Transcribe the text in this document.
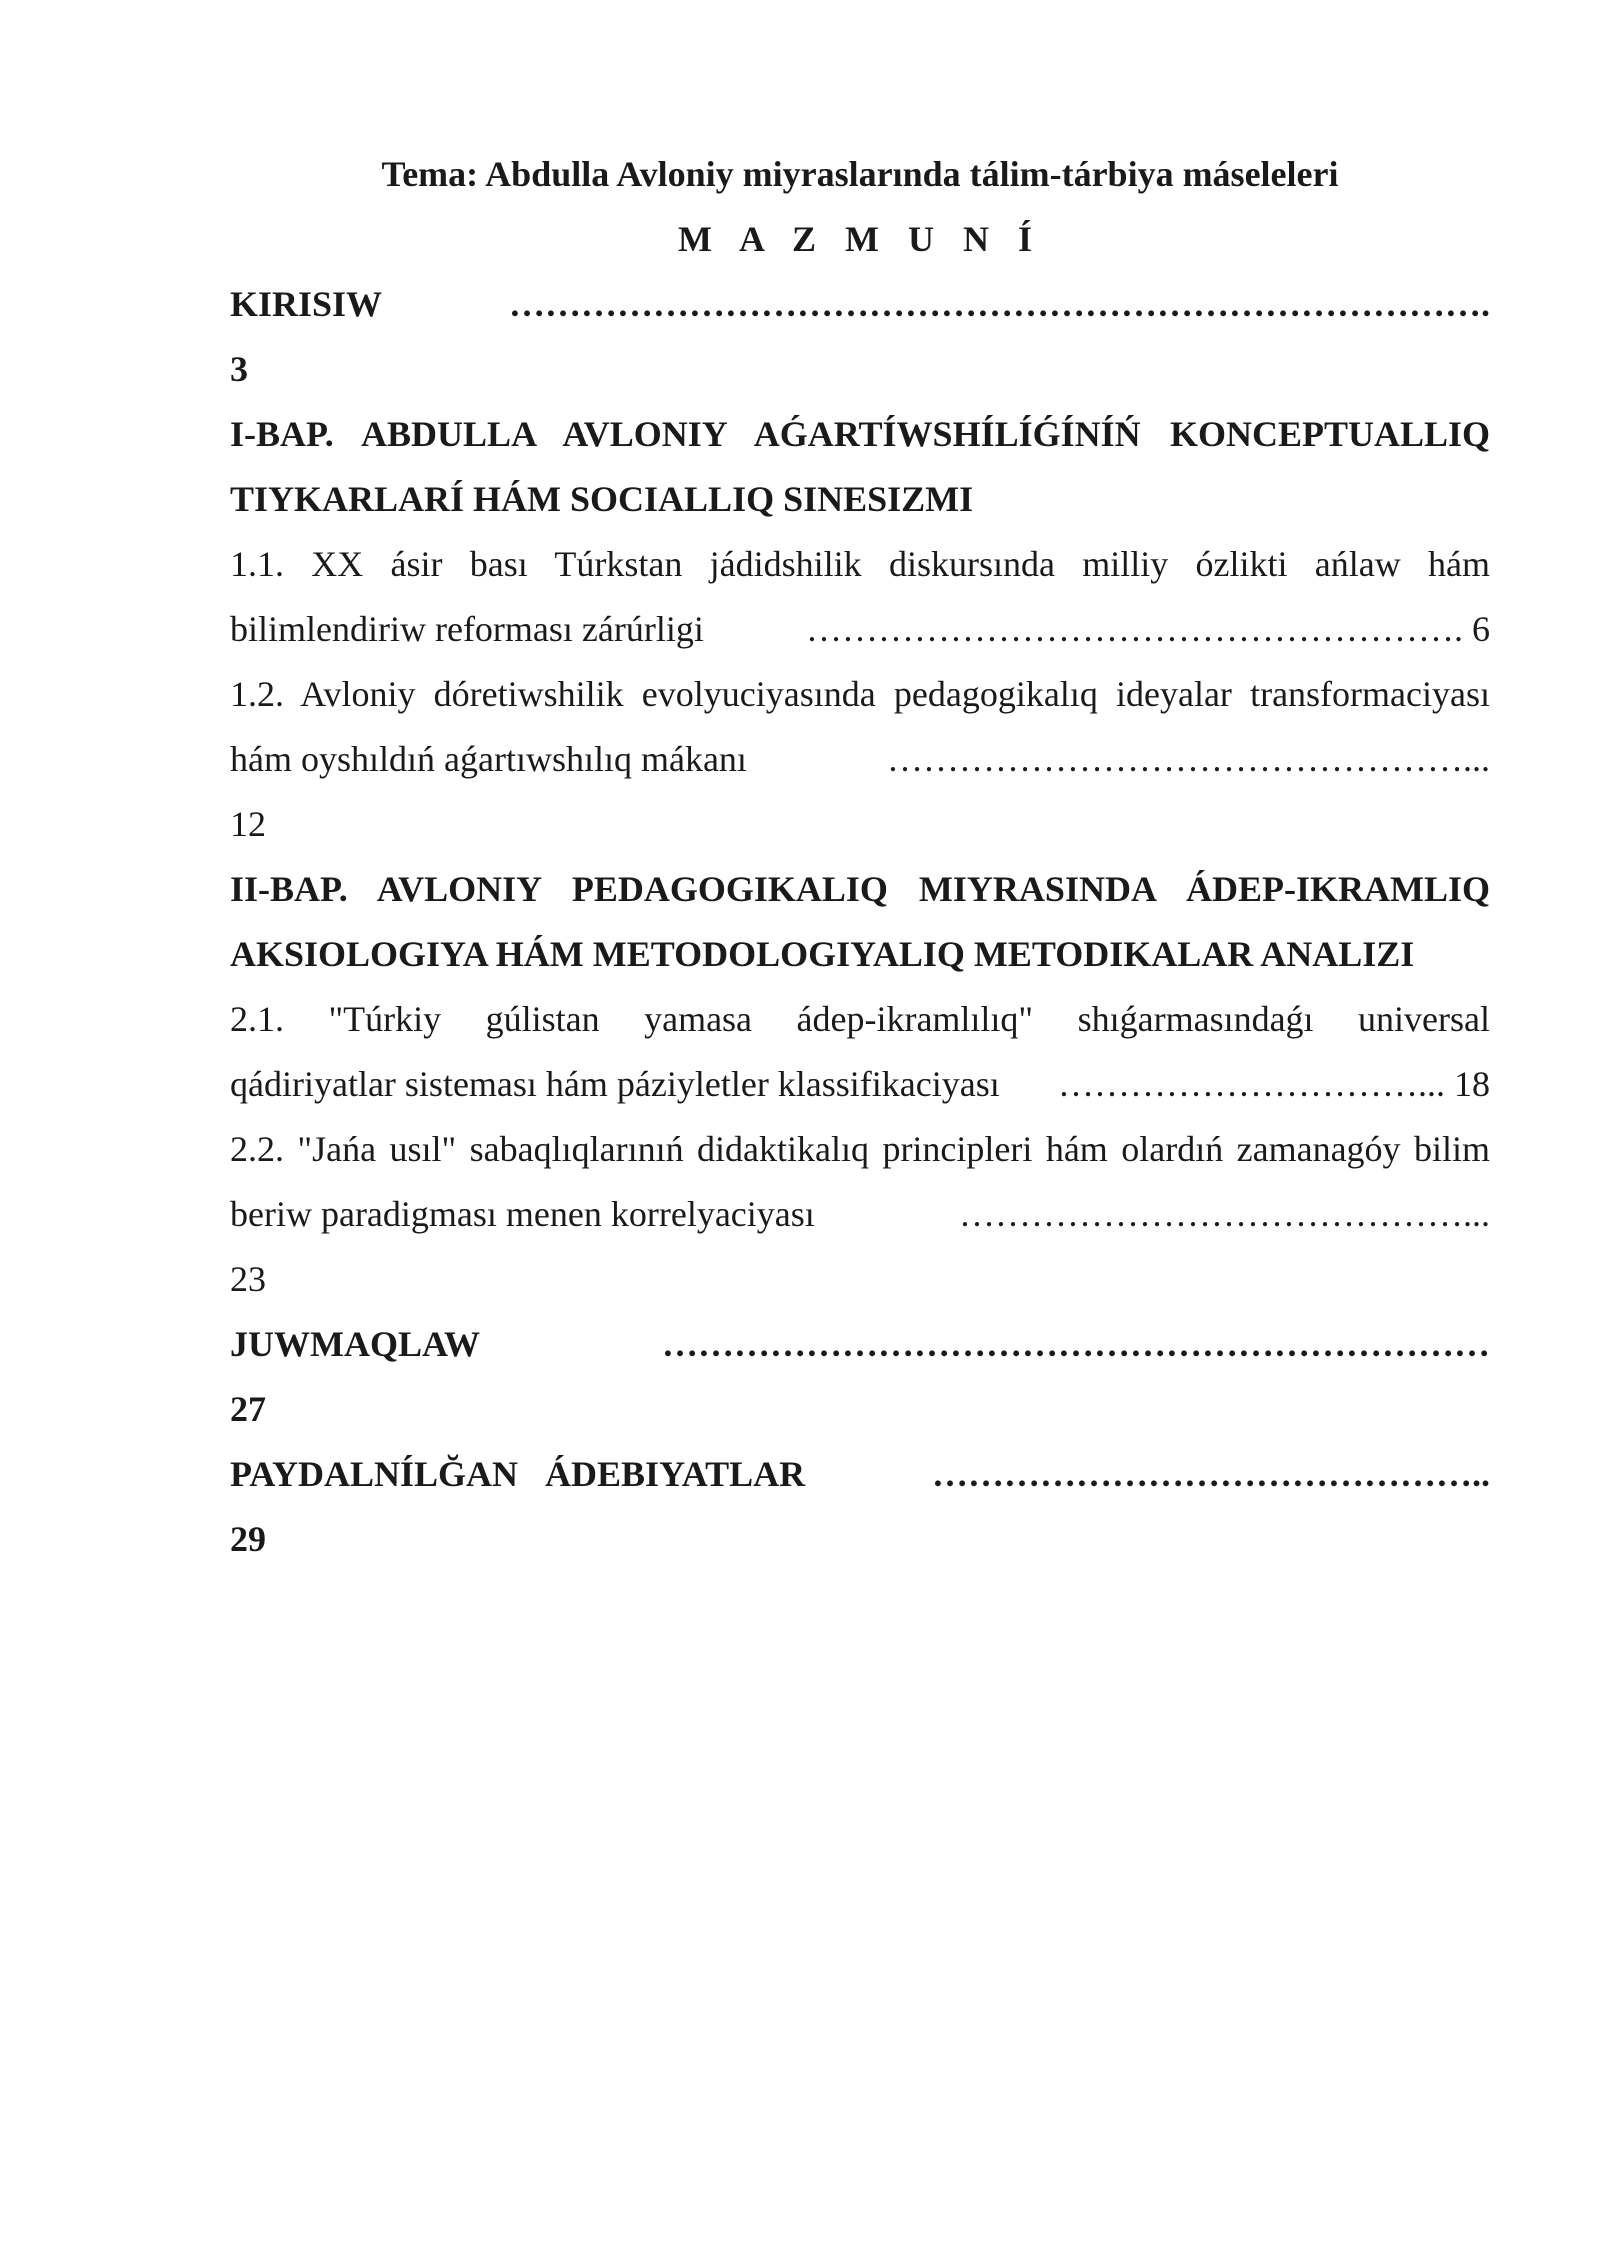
Tema: Abdulla Avloniy miyraslarında tálim-tárbiya máseleleri
M A Z M U N Í
KIRISIW	……………………………………………………………………….
3
I-BAP. ABDULLA AVLONIY AǴARTÍWSHÍLÍǴÍNÍŃ KONCEPTUALLIQ
TIYKARLARÍ HÁM SOCIALLIQ SINESIZMI
1.1. XX ásir bası Túrkstan jádidshilik diskursında milliy ózlikti ańlaw hám
bilimlendiriw reforması zárúrligi	………………………………………………. 6
1.2. Avloniy dóretiwshilik evolyuciyasında pedagogikalıq ideyalar transformaciyası
hám oyshıldıń aǵartıwshılıq mákanı	…………………………………………...
12
II-BAP. AVLONIY PEDAGOGIKALIQ MIYRASINDA ÁDEP-IKRAMLIQ
AKSIOLOGIYA HÁM METODOLOGIYALIQ METODIKALAR ANALIZI
2.1. "Túrkiy gúlistan yamasa ádep-ikramlılıq" shıǵarmasındaǵı universal
qádiriyatlar sisteması hám páziyletler klassifikaciyası	…………………………... 18
2.2. "Jańa usıl" sabaqlıqlarınıń didaktikalıq principleri hám olardıń zamanagóy bilim
beriw paradigması menen korrelyaciyası	……………………………………...
23
JUWMAQLAW	……………………………………………………………
27
PAYDALNÍLĞAN   ÁDEBIYATLAR	………………………………………..
29
